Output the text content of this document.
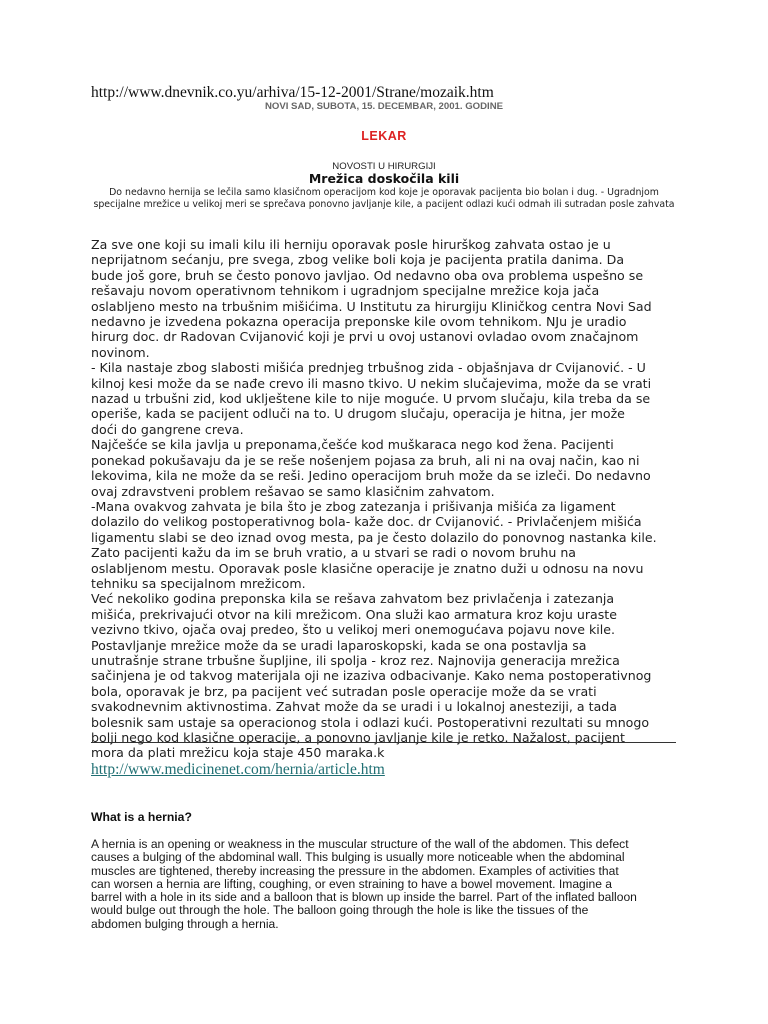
http://www.dnevnik.co.yu/arhiva/15-12-2001/Strane/mozaik.htm
NOVI SAD, SUBOTA, 15. DECEMBAR, 2001. GODINE
LEKAR
NOVOSTI U HIRURGIJI
Mrežica doskočila kili
Do nedavno hernija se lečila samo klasičnom operacijom kod koje je oporavak pacijenta bio bolan i dug. - Ugradnjom specijalne mrežice u velikoj meri se sprečava ponovno javljanje kile, a pacijent odlazi kući odmah ili sutradan posle zahvata
Za sve one koji su imali kilu ili herniju oporavak posle hirurškog zahvata ostao je u
neprijatnom sećanju, pre svega, zbog velike boli koja je pacijenta pratila danima. Da
bude još gore, bruh se često ponovo javljao. Od nedavno oba ova problema uspešno se
rešavaju novom operativnom tehnikom i ugradnjom specijalne mrežice koja jača
oslabljeno mesto na trbušnim mišićima. U Institutu za hirurgiju Kliničkog centra Novi Sad
nedavno je izvedena pokazna operacija preponske kile ovom tehnikom. NJu je uradio
hirurg doc. dr Radovan Cvijanović koji je prvi u ovoj ustanovi ovladao ovom značajnom
novinom.
- Kila nastaje zbog slabosti mišića prednjeg trbušnog zida - objašnjava dr Cvijanović. - U
kilnoj kesi može da se nađe crevo ili masno tkivo. U nekim slučajevima, može da se vrati
nazad u trbušni zid, kod uklještene kile to nije moguće. U prvom slučaju, kila treba da se
operiše, kada se pacijent odluči na to. U drugom slučaju, operacija je hitna, jer može
doći do gangrene creva.
Najčešće se kila javlja u preponama,češće kod muškaraca nego kod žena. Pacijenti
ponekad pokušavaju da je se reše nošenjem pojasa za bruh, ali ni na ovaj način, kao ni
lekovima, kila ne može da se reši. Jedino operacijom bruh može da se izleči. Do nedavno
ovaj zdravstveni problem rešavao se samo klasičnim zahvatom.
-Mana ovakvog zahvata je bila što je zbog zatezanja i prišivanja mišića za ligament
dolazilo do velikog postoperativnog bola- kaže doc. dr Cvijanović. - Privlačenjem mišića
ligamentu slabi se deo iznad ovog mesta, pa je često dolazilo do ponovnog nastanka kile.
Zato pacijenti kažu da im se bruh vratio, a u stvari se radi o novom bruhu na
oslabljenom mestu. Oporavak posle klasične operacije je znatno duži u odnosu na novu
tehniku sa specijalnom mrežicom.
Već nekoliko godina preponska kila se rešava zahvatom bez privlačenja i zatezanja
mišića, prekrivajući otvor na kili mrežicom. Ona služi kao armatura kroz koju uraste
vezivno tkivo, ojača ovaj predeo, što u velikoj meri onemogućava pojavu nove kile.
Postavljanje mrežice može da se uradi laparoskopski, kada se ona postavlja sa
unutrašnje strane trbušne šupljine, ili spolja - kroz rez. Najnovija generacija mrežica
sačinjena je od takvog materijala oji ne izaziva odbacivanje. Kako nema postoperativnog
bola, oporavak je brz, pa pacijent već sutradan posle operacije može da se vrati
svakodnevnim aktivnostima. Zahvat može da se uradi i u lokalnoj anesteziji, a tada
bolesnik sam ustaje sa operacionog stola i odlazi kući. Postoperativni rezultati su mnogo
bolji nego kod klasične operacije, a ponovno javljanje kile je retko. Nažalost, pacijent
mora da plati mrežicu koja staje 450 maraka.k
http://www.medicinenet.com/hernia/article.htm
What is a hernia?
A hernia is an opening or weakness in the muscular structure of the wall of the abdomen. This defect
causes a bulging of the abdominal wall. This bulging is usually more noticeable when the abdominal
muscles are tightened, thereby increasing the pressure in the abdomen. Examples of activities that
can worsen a hernia are lifting, coughing, or even straining to have a bowel movement. Imagine a
barrel with a hole in its side and a balloon that is blown up inside the barrel. Part of the inflated balloon
would bulge out through the hole. The balloon going through the hole is like the tissues of the
abdomen bulging through a hernia.
